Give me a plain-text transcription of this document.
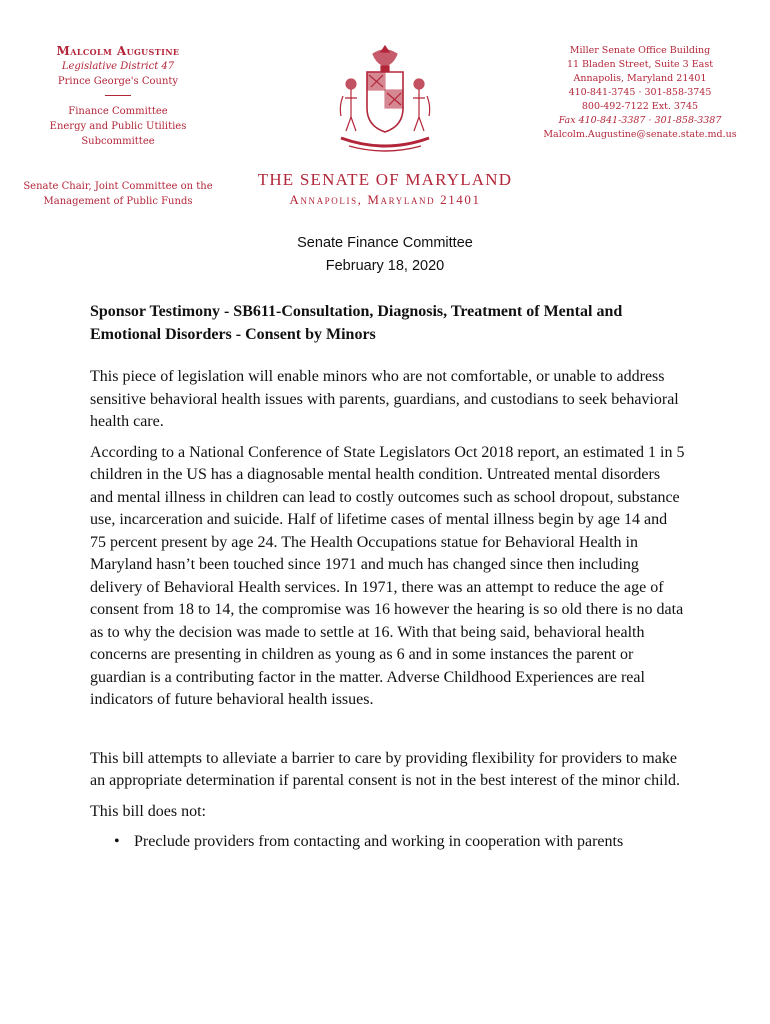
Malcolm Augustine
Legislative District 47
Prince George's County
Finance Committee
Energy and Public Utilities Subcommittee
Senate Chair, Joint Committee on the
Management of Public Funds
Miller Senate Office Building
11 Bladen Street, Suite 3 East
Annapolis, Maryland 21401
410-841-3745 · 301-858-3745
800-492-7122 Ext. 3745
Fax 410-841-3387 · 301-858-3387
Malcolm.Augustine@senate.state.md.us
THE SENATE OF MARYLAND
Annapolis, Maryland 21401
Senate Finance Committee
February 18, 2020
Sponsor Testimony - SB611-Consultation, Diagnosis, Treatment of Mental and Emotional Disorders - Consent by Minors

This piece of legislation will enable minors who are not comfortable, or unable to address sensitive behavioral health issues with parents, guardians, and custodians to seek behavioral health care.

According to a National Conference of State Legislators Oct 2018 report, an estimated 1 in 5 children in the US has a diagnosable mental health condition. Untreated mental disorders and mental illness in children can lead to costly outcomes such as school dropout, substance use, incarceration and suicide. Half of lifetime cases of mental illness begin by age 14 and 75 percent present by age 24. The Health Occupations statue for Behavioral Health in Maryland hasn’t been touched since 1971 and much has changed since then including delivery of Behavioral Health services. In 1971, there was an attempt to reduce the age of consent from 18 to 14, the compromise was 16 however the hearing is so old there is no data as to why the decision was made to settle at 16. With that being said, behavioral health concerns are presenting in children as young as 6 and in some instances the parent or guardian is a contributing factor in the matter. Adverse Childhood Experiences are real indicators of future behavioral health issues.

This bill attempts to alleviate a barrier to care by providing flexibility for providers to make an appropriate determination if parental consent is not in the best interest of the minor child.

This bill does not:

• Preclude providers from contacting and working in cooperation with parents
